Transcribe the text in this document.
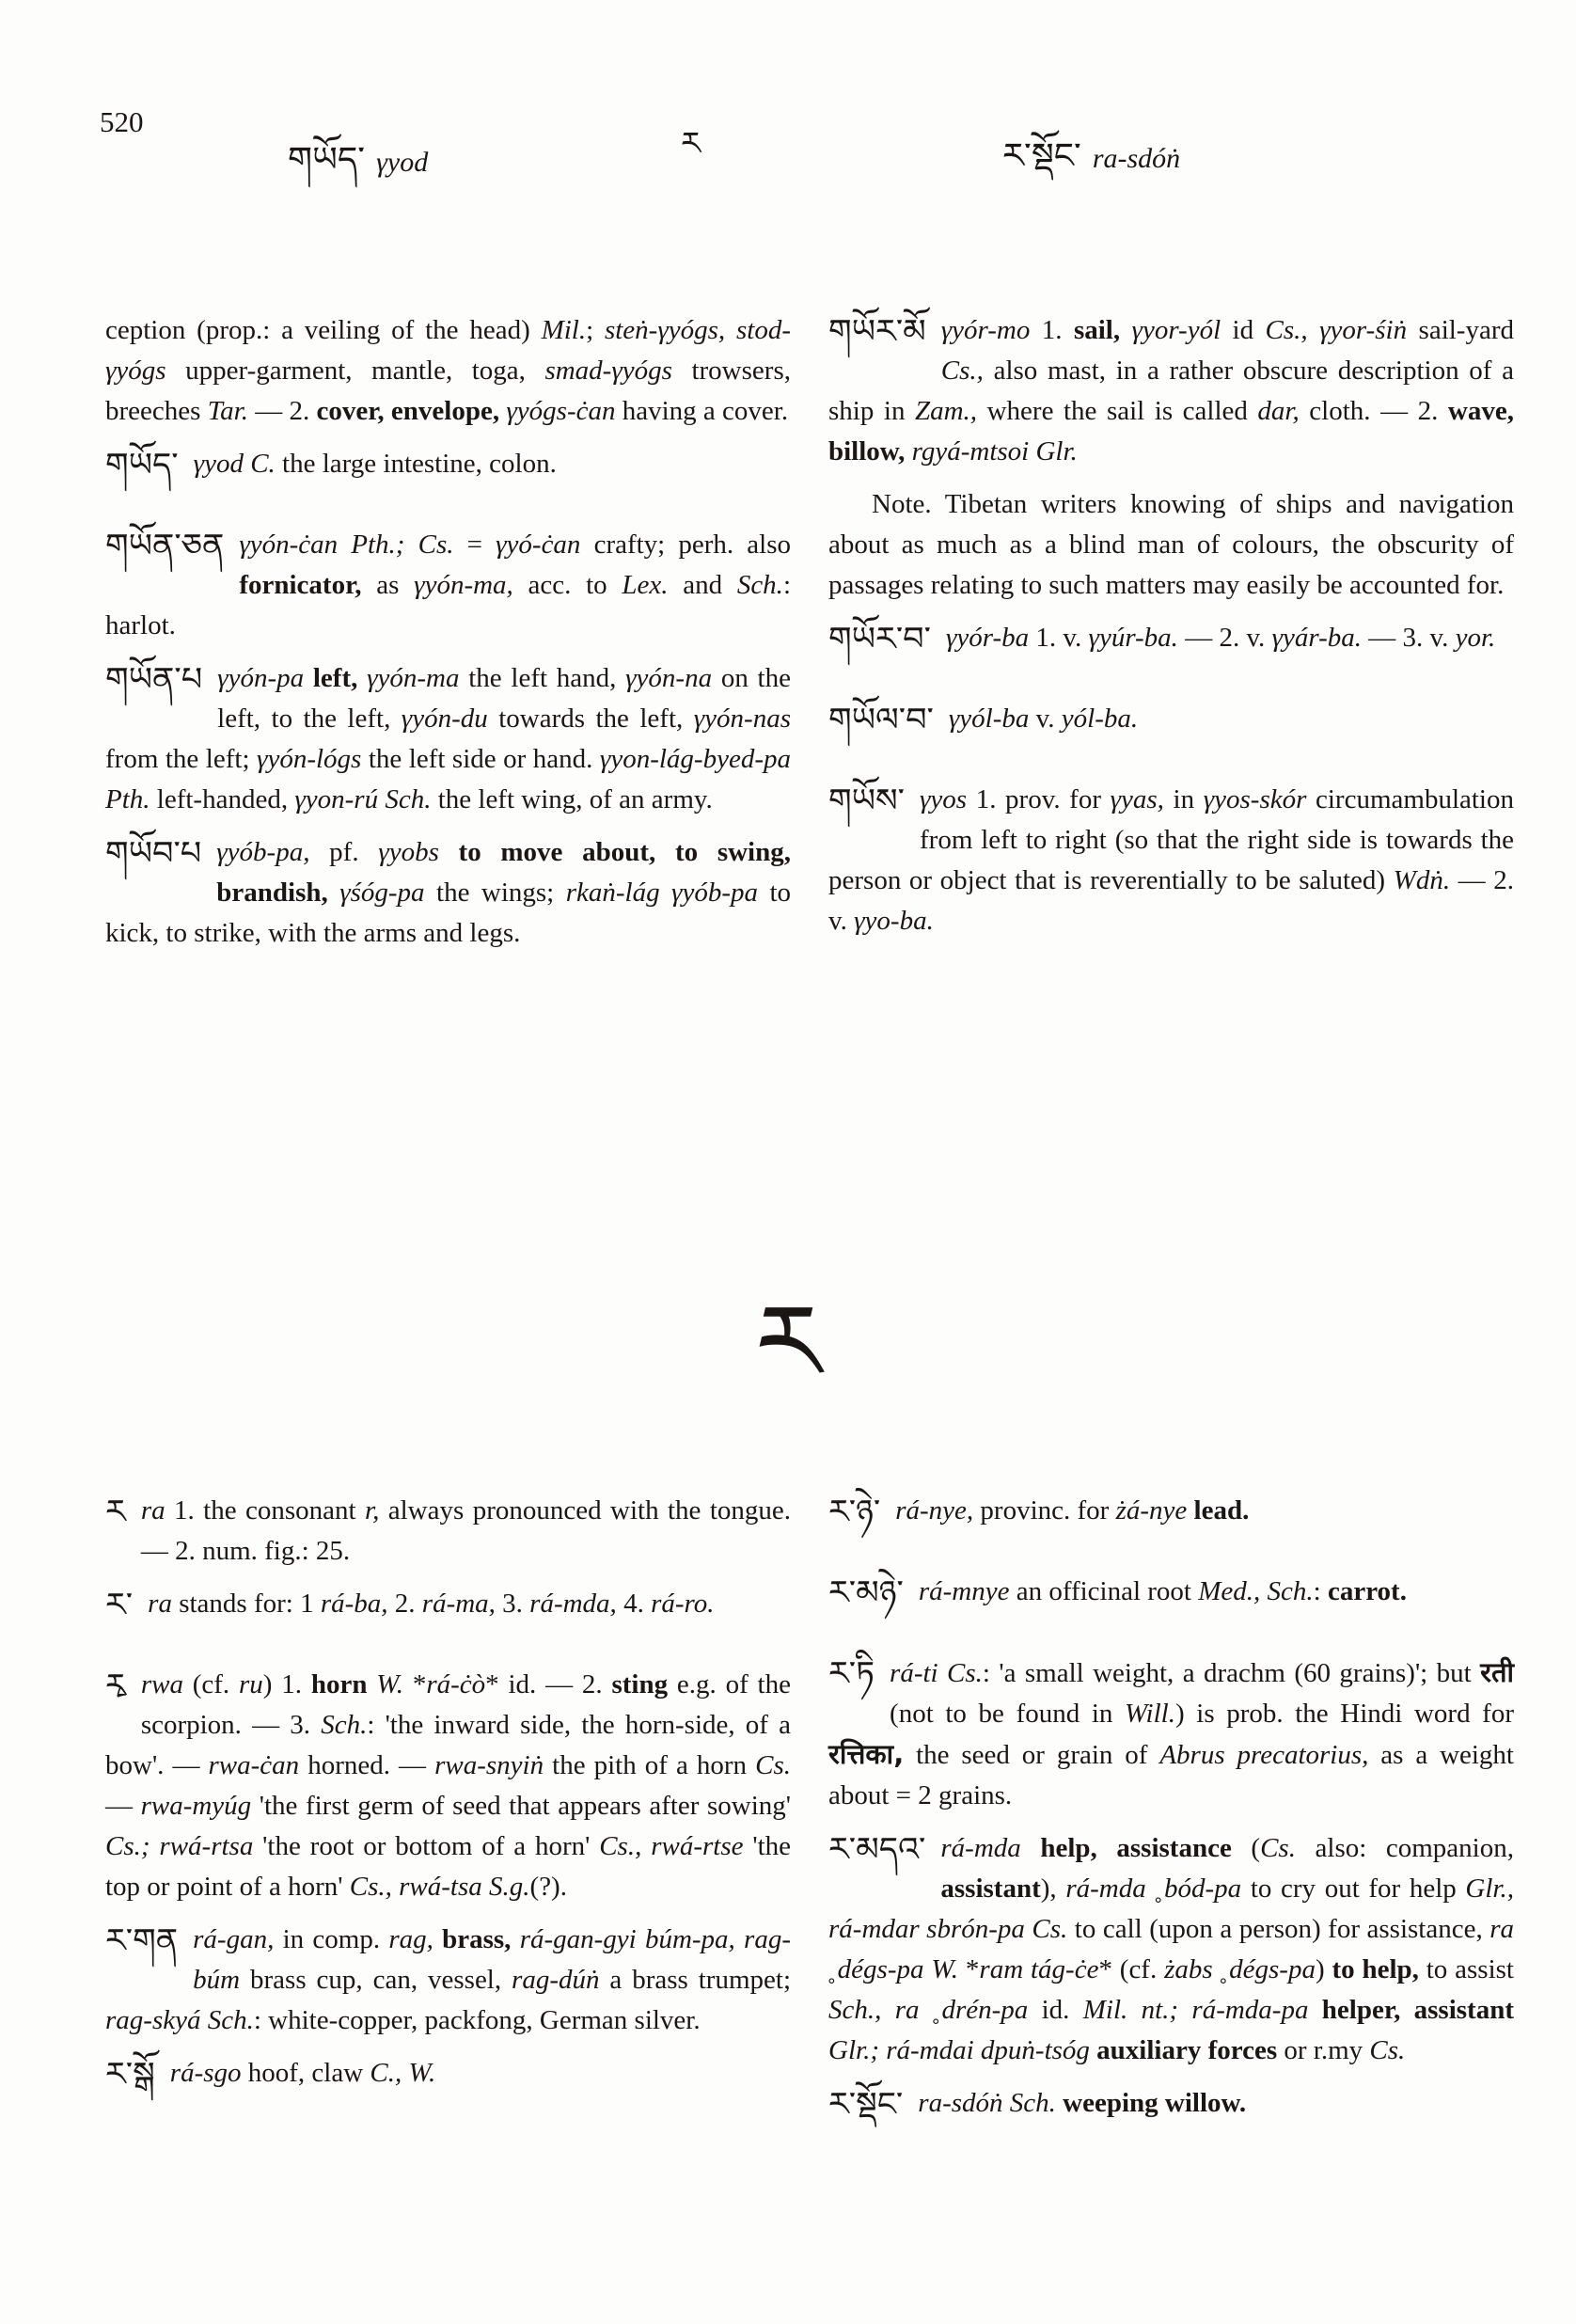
520
གཡོད་ γyod	ར	ར་སྡོང་ ra-sdóṅ

ception (prop.: a veiling of the head) Mil.; steṅ-γyógs, stod-γyógs upper-garment, mantle, toga, smad-γyógs trowsers, breeches Tar. — 2. cover, envelope, γyógs-ċan having a cover.

གཡོད་ γyod C. the large intestine, colon.

གཡོན་ཅན γyón-ċan Pth.; Cs. = γyó-ċan crafty; perh. also fornicator, as γyón-ma, acc. to Lex. and Sch.: harlot.

གཡོན་པ γyón-pa left, γyón-ma the left hand, γyón-na on the left, to the left, γyón-du towards the left, γyón-nas from the left; γyón-lógs the left side or hand. γyon-lág-byed-pa Pth. left-handed, γyon-rú Sch. the left wing, of an army.

གཡོབ་པ γyób-pa, pf. γyobs to move about, to swing, brandish, γśóg-pa the wings; rkaṅ-lág γyób-pa to kick, to strike, with the arms and legs.

གཡོར་མོ γyór-mo 1. sail, γyor-yól id Cs., γyor-śiṅ sail-yard Cs., also mast, in a rather obscure description of a ship in Zam., where the sail is called dar, cloth. — 2. wave, billow, rgyá-mtsoi Glr.

Note. Tibetan writers knowing of ships and navigation about as much as a blind man of colours, the obscurity of passages relating to such matters may easily be accounted for.

གཡོར་བ་ γyór-ba 1. v. γyúr-ba. — 2. v. γyár-ba. — 3. v. yor.

གཡོལ་བ་ γyól-ba v. yól-ba.

གཡོས་ γyos 1. prov. for γyas, in γyos-skór circumambulation from left to right (so that the right side is towards the person or object that is reverentially to be saluted) Wdṅ. — 2. v. γyo-ba.

ར

ར ra 1. the consonant r, always pronounced with the tongue. — 2. num. fig.: 25.

ར་ ra stands for: 1 rá-ba, 2. rá-ma, 3. rá-mda, 4. rá-ro.

རྭ rwa (cf. ru) 1. horn W. *rá-ċò* id. — 2. sting e.g. of the scorpion. — 3. Sch.: 'the inward side, the horn-side, of a bow'. — rwa-ċan horned. — rwa-snyiṅ the pith of a horn Cs. — rwa-myúg 'the first germ of seed that appears after sowing' Cs.; rwá-rtsa 'the root or bottom of a horn' Cs., rwá-rtse 'the top or point of a horn' Cs., rwá-tsa S.g.(?).

ར་གན rá-gan, in comp. rag, brass, rá-gan-gyi búm-pa, rag-búm brass cup, can, vessel, rag-dúṅ a brass trumpet; rag-skyá Sch.: white-copper, packfong, German silver.

ར་སྒོ rá-sgo hoof, claw C., W.

ར་ཉེ་ rá-nye, provinc. for żá-nye lead.

ར་མཉེ་ rá-mnye an officinal root Med., Sch.: carrot.

ར་ཏི rá-ti Cs.: 'a small weight, a drachm (60 grains)'; but रती (not to be found in Will.) is prob. the Hindi word for रत्तिका, the seed or grain of Abrus precatorius, as a weight about = 2 grains.

ར་མདའ་ rá-mda help, assistance (Cs. also: companion, assistant), rá-mda ˳bód-pa to cry out for help Glr., rá-mdar sbrón-pa Cs. to call (upon a person) for assistance, ra ˳dégs-pa W. *ram tág-ċe* (cf. żabs ˳dégs-pa) to help, to assist Sch., ra ˳drén-pa id. Mil. nt.; rá-mda-pa helper, assistant Glr.; rá-mdai dpuṅ-tsóg auxiliary forces or r.my Cs.

ར་སྡོང་ ra-sdóṅ Sch. weeping willow.
